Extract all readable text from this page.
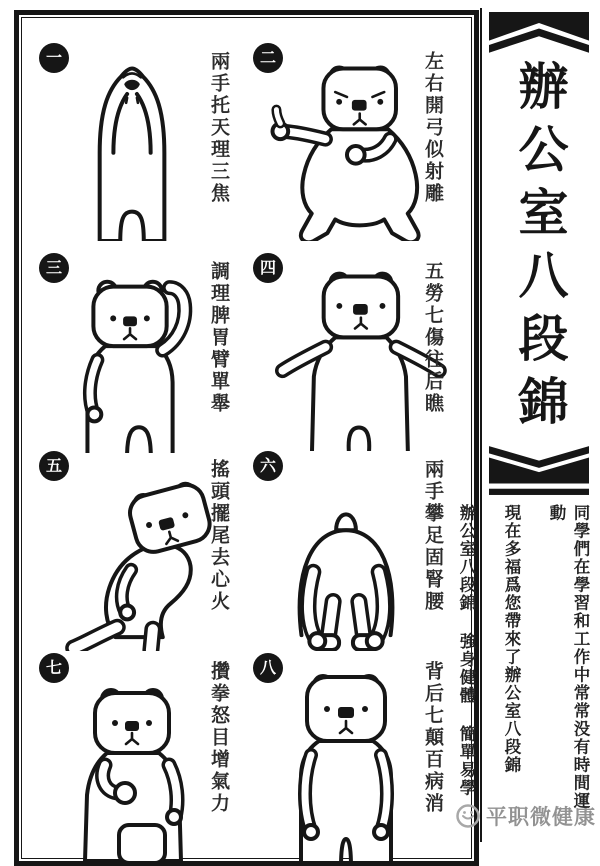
一	兩手托天理三焦	二	左右開弓似射雕
三	調理脾胃臂單舉	四	五勞七傷往后瞧
五	搖頭擺尾去心火	六	兩手攀足固腎腰
七	攢拳怒目增氣力	八	背后七顛百病消
辦公室八段錦

同學們在學習和工作中常常没有時間運動

現在多福爲您帶來了辦公室八段錦

辦公室八段錦 強身健體 簡單易學

平职微健康
